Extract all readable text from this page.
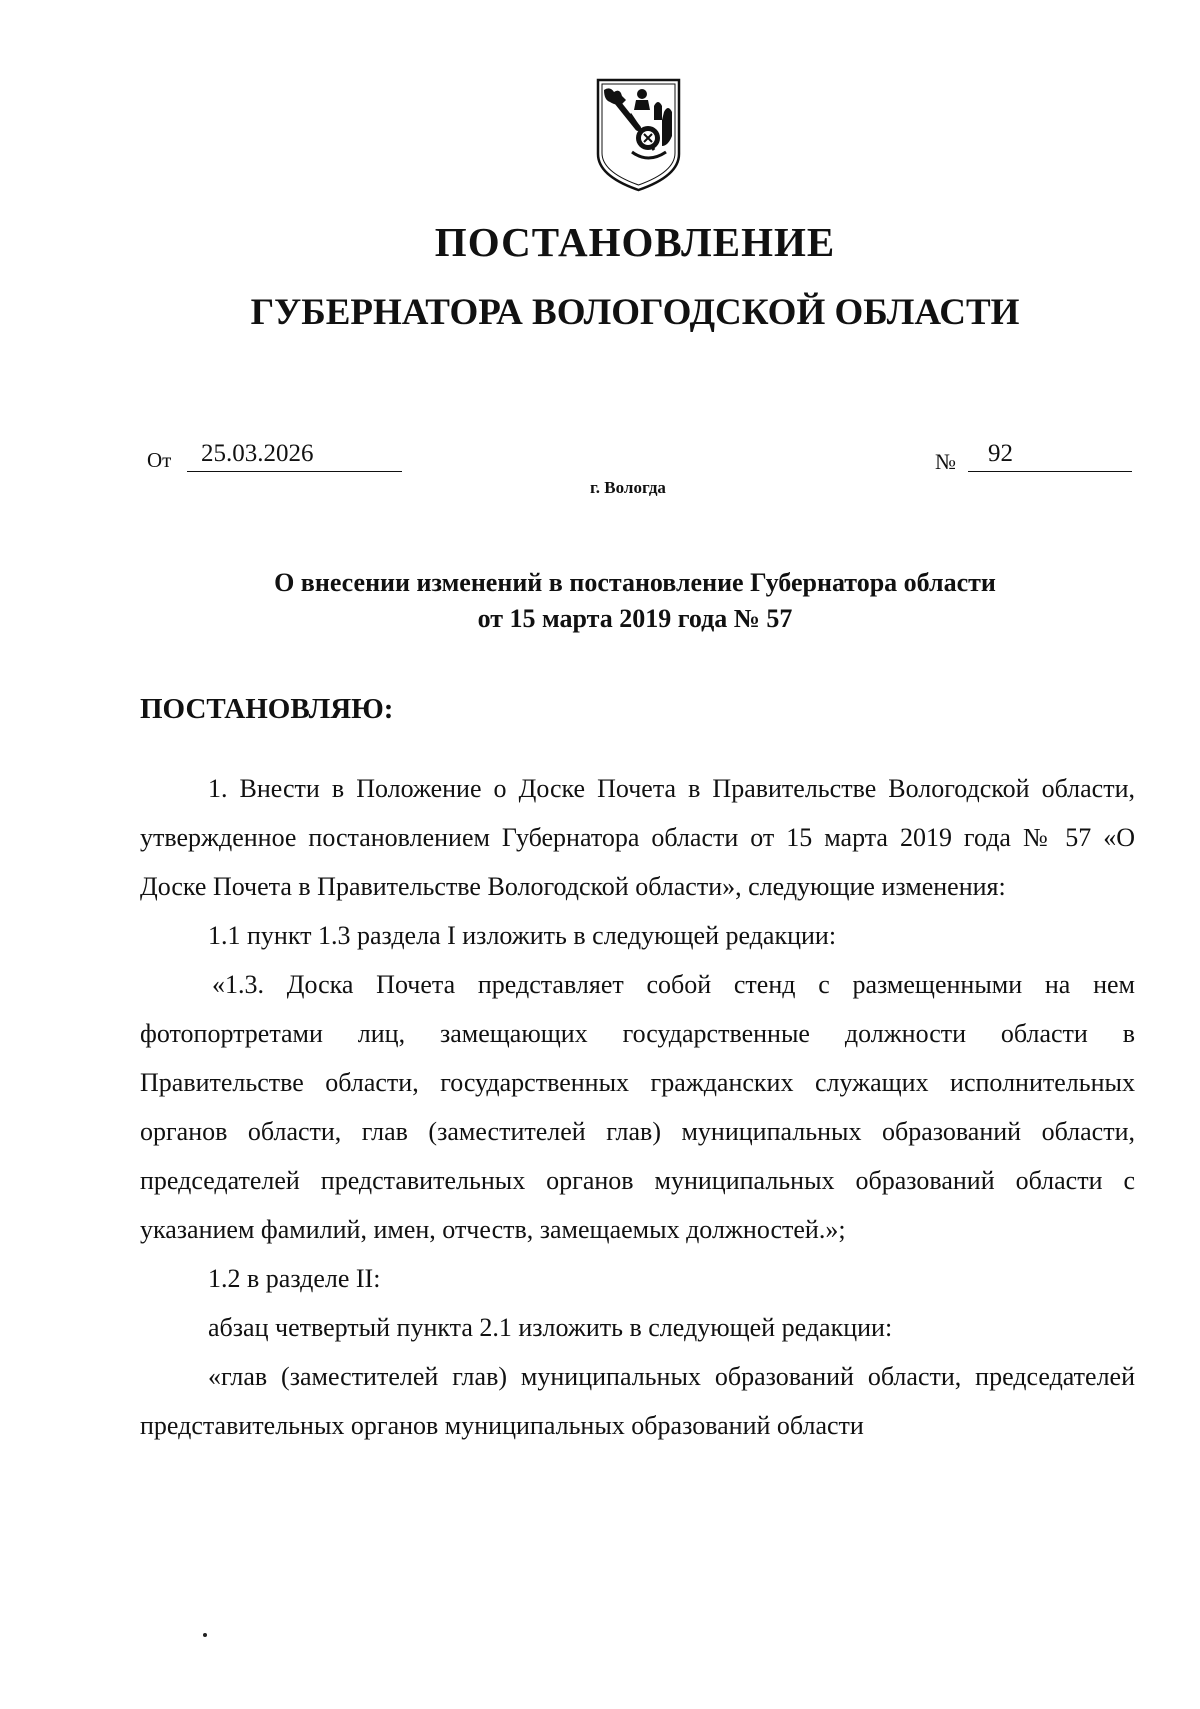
ПОСТАНОВЛЕНИЕ
ГУБЕРНАТОРА ВОЛОГОДСКОЙ ОБЛАСТИ
От	25.03.2026	№	92
г. Вологда
О внесении изменений в постановление Губернатора области
от 15 марта 2019 года № 57
ПОСТАНОВЛЯЮ:

1. Внести в Положение о Доске Почета в Правительстве Вологодской области, утвержденное постановлением Губернатора области от 15 марта 2019 года № 57 «О Доске Почета в Правительстве Вологодской области», следующие изменения:

1.1 пункт 1.3 раздела I изложить в следующей редакции:

«1.3. Доска Почета представляет собой стенд с размещенными на нем фотопортретами лиц, замещающих государственные должности области в Правительстве области, государственных гражданских служащих исполнительных органов области, глав (заместителей глав) муниципальных образований области, председателей представительных органов муниципальных образований области с указанием фамилий, имен, отчеств, замещаемых должностей.»;

1.2 в разделе II:

абзац четвертый пункта 2.1 изложить в следующей редакции:

«глав (заместителей глав) муниципальных образований области, председателей представительных органов муниципальных образований области
